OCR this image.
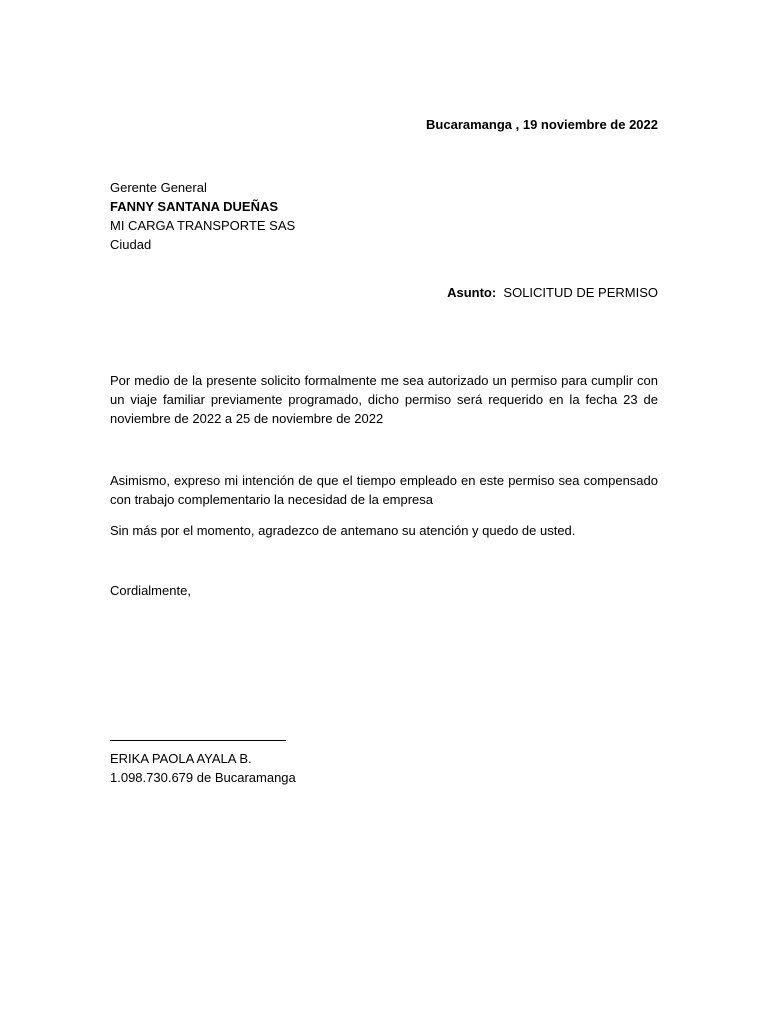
Bucaramanga , 19 noviembre de 2022
Gerente General
FANNY SANTANA DUEÑAS
MI CARGA TRANSPORTE SAS
Ciudad
Asunto: SOLICITUD DE PERMISO
Por medio de la presente solicito formalmente me sea autorizado un permiso para cumplir con un viaje familiar previamente programado, dicho permiso será requerido en la fecha 23 de noviembre de 2022 a 25 de noviembre de 2022
Asimismo, expreso mi intención de que el tiempo empleado en este permiso sea compensado con trabajo complementario la necesidad de la empresa
Sin más por el momento, agradezco de antemano su atención y quedo de usted.
Cordialmente,
ERIKA PAOLA AYALA B.
1.098.730.679 de Bucaramanga
